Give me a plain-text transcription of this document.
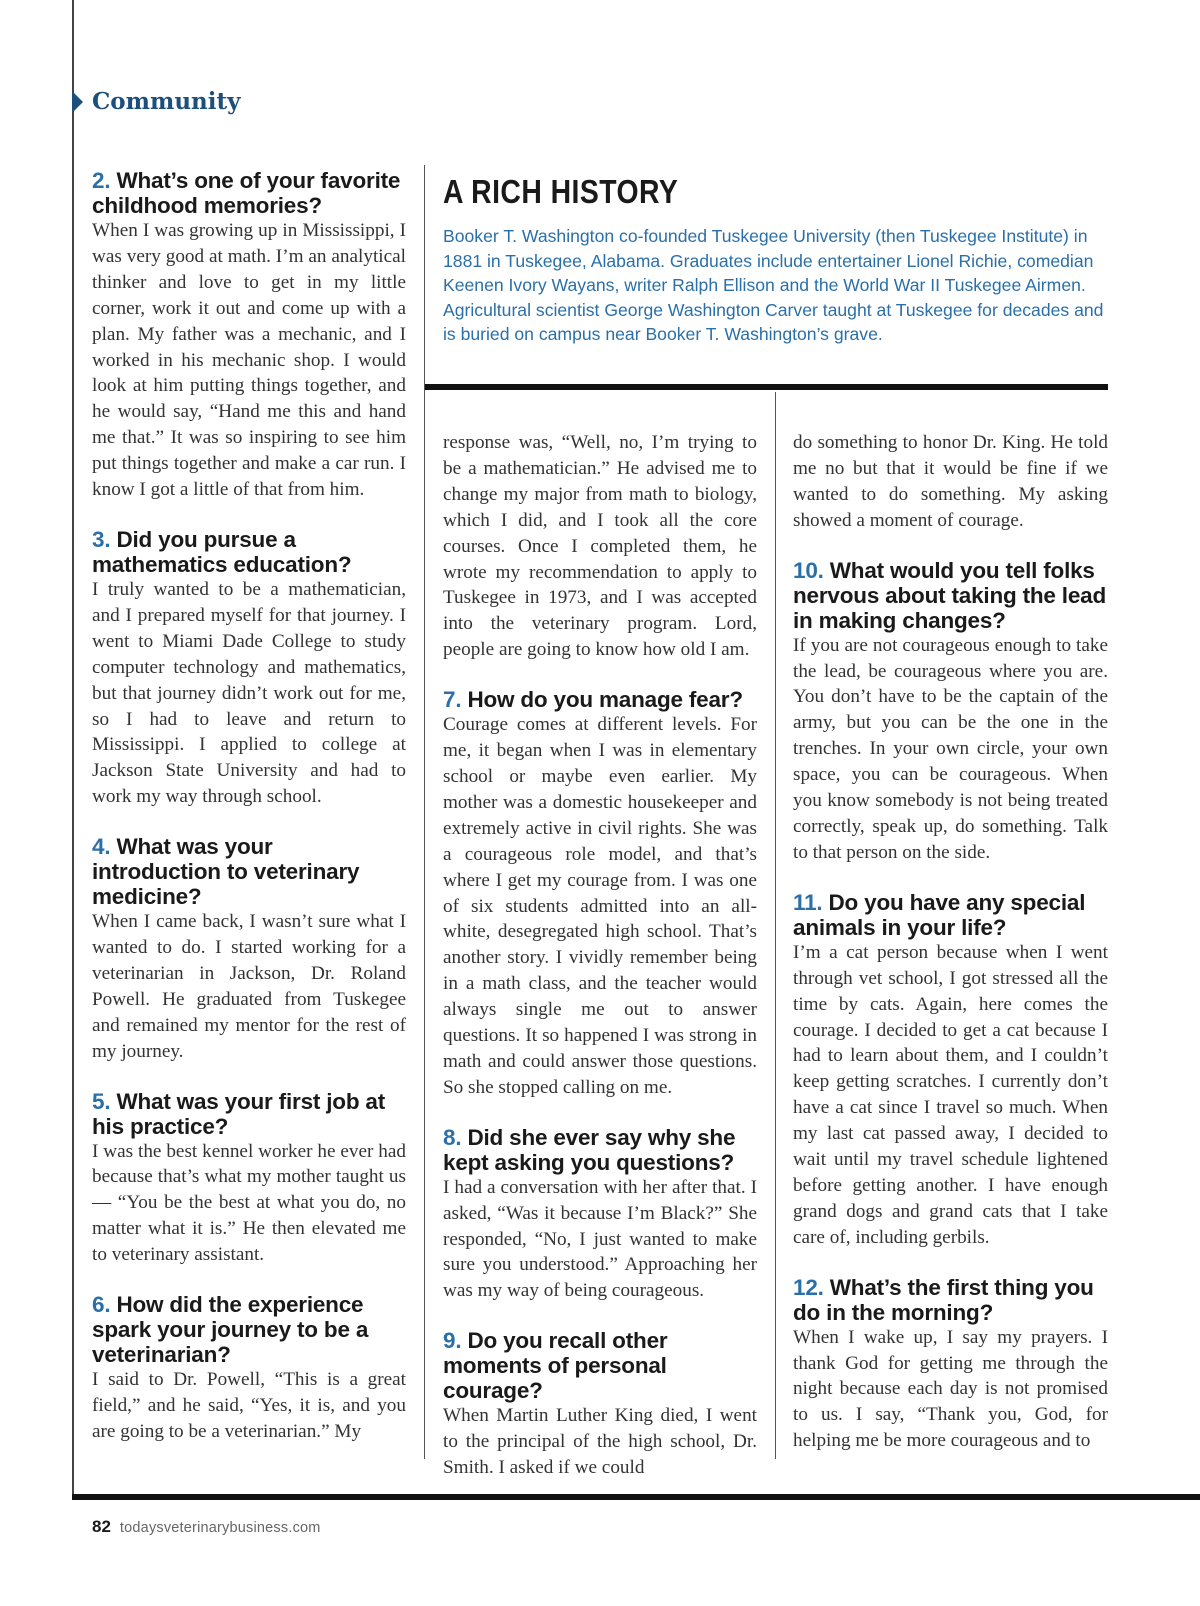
Community
2. What’s one of your favorite childhood memories?

When I was growing up in Mississippi, I was very good at math. I’m an analytical thinker and love to get in my little corner, work it out and come up with a plan. My father was a mechanic, and I worked in his mechanic shop. I would look at him putting things together, and he would say, “Hand me this and hand me that.” It was so inspiring to see him put things together and make a car run. I know I got a little of that from him.

3. Did you pursue a mathematics education?

I truly wanted to be a mathematician, and I prepared myself for that journey. I went to Miami Dade College to study computer technology and mathematics, but that journey didn’t work out for me, so I had to leave and return to Mississippi. I applied to college at Jackson State University and had to work my way through school.

4. What was your introduction to veterinary medicine?

When I came back, I wasn’t sure what I wanted to do. I started working for a veterinarian in Jackson, Dr. Roland Powell. He graduated from Tuskegee and remained my mentor for the rest of my journey.

5. What was your first job at his practice?

I was the best kennel worker he ever had because that’s what my mother taught us — “You be the best at what you do, no matter what it is.” He then elevated me to veterinary assistant.

6. How did the experience spark your journey to be a veterinarian?

I said to Dr. Powell, “This is a great field,” and he said, “Yes, it is, and you are going to be a veterinarian.” My

A RICH HISTORY

Booker T. Washington co-founded Tuskegee University (then Tuskegee Institute) in 1881 in Tuskegee, Alabama. Graduates include entertainer Lionel Richie, comedian Keenen Ivory Wayans, writer Ralph Ellison and the World War II Tuskegee Airmen. Agricultural scientist George Washington Carver taught at Tuskegee for decades and is buried on campus near Booker T. Washington’s grave.

response was, “Well, no, I’m trying to be a mathematician.” He advised me to change my major from math to biology, which I did, and I took all the core courses. Once I completed them, he wrote my recommendation to apply to Tuskegee in 1973, and I was accepted into the veterinary program. Lord, people are going to know how old I am.

7. How do you manage fear?

Courage comes at different levels. For me, it began when I was in elementary school or maybe even earlier. My mother was a domestic housekeeper and extremely active in civil rights. She was a courageous role model, and that’s where I get my courage from. I was one of six students admitted into an all-white, desegregated high school. That’s another story. I vividly remember being in a math class, and the teacher would always single me out to answer questions. It so happened I was strong in math and could answer those questions. So she stopped calling on me.

8. Did she ever say why she kept asking you questions?

I had a conversation with her after that. I asked, “Was it because I’m Black?” She responded, “No, I just wanted to make sure you understood.” Approaching her was my way of being courageous.

9. Do you recall other moments of personal courage?

When Martin Luther King died, I went to the principal of the high school, Dr. Smith. I asked if we could

do something to honor Dr. King. He told me no but that it would be fine if we wanted to do something. My asking showed a moment of courage.

10. What would you tell folks nervous about taking the lead in making changes?

If you are not courageous enough to take the lead, be courageous where you are. You don’t have to be the captain of the army, but you can be the one in the trenches. In your own circle, your own space, you can be courageous. When you know somebody is not being treated correctly, speak up, do something. Talk to that person on the side.

11. Do you have any special animals in your life?

I’m a cat person because when I went through vet school, I got stressed all the time by cats. Again, here comes the courage. I decided to get a cat because I had to learn about them, and I couldn’t keep getting scratches. I currently don’t have a cat since I travel so much. When my last cat passed away, I decided to wait until my travel schedule lightened before getting another. I have enough grand dogs and grand cats that I take care of, including gerbils.

12. What’s the first thing you do in the morning?

When I wake up, I say my prayers. I thank God for getting me through the night because each day is not promised to us. I say, “Thank you, God, for helping me be more courageous and to

82 todaysveterinarybusiness.com
